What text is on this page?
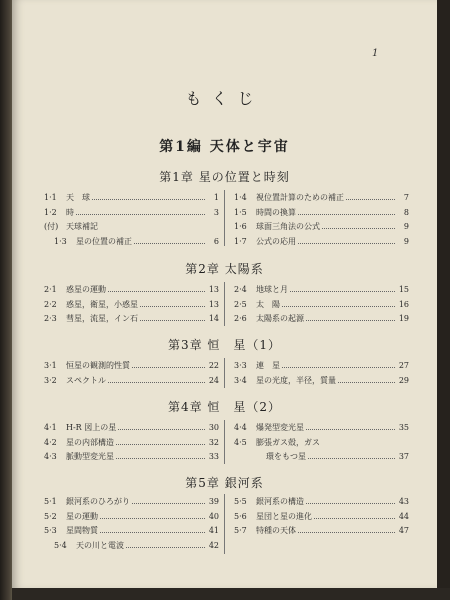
1
もくじ
第1編 天体と宇宙
第1章 星の位置と時刻
1·1	天　球	1
1·2	時	3
(付) 天球補記
1·3	星の位置の補正	6
1·4	視位置計算のための補正	7
1·5	時間の換算	8
1·6	球面三角法の公式	9
1·7	公式の応用	9
第2章 太陽系
2·1	惑星の運動	13
2·2	惑星，衛星，小惑星	13
2·3	彗星，流星，イン石	14
2·4	地球と月	15
2·5	太　陽	16
2·6	太陽系の起源	19
第3章 恒　星（1）
3·1	恒星の観測的性質	22
3·2	スペクトル	24
3·3	連　星	27
3·4	星の光度，半径，質量	29
第4章 恒　星（2）
4·1	H-R 図上の星	30
4·2	星の内部構造	32
4·3	脈動型変光星	33
4·4	爆発型変光星	35
4·5	膨張ガス殻，ガス
環をもつ星	37
第5章 銀河系
5·1	銀河系のひろがり	39
5·2	星の運動	40
5·3	星間物質	41
5·4	天の川と電波	42
5·5	銀河系の構造	43
5·6	星団と星の進化	44
5·7	特種の天体	47
